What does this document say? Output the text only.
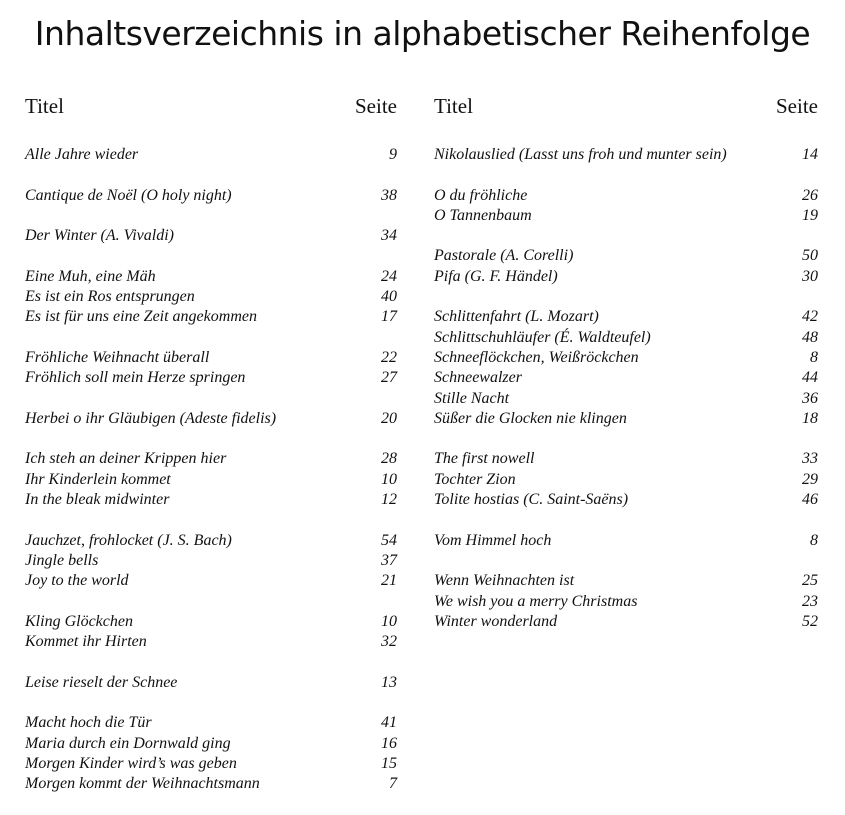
Inhaltsverzeichnis in alphabetischer Reihenfolge
Titel	Seite
Alle Jahre wieder	9
Cantique de Noël (O holy night)	38
Der Winter (A. Vivaldi)	34
Eine Muh, eine Mäh	24
Es ist ein Ros entsprungen	40
Es ist für uns eine Zeit angekommen	17
Fröhliche Weihnacht überall	22
Fröhlich soll mein Herze springen	27
Herbei o ihr Gläubigen (Adeste fidelis)	20
Ich steh an deiner Krippen hier	28
Ihr Kinderlein kommet	10
In the bleak midwinter	12
Jauchzet, frohlocket (J. S. Bach)	54
Jingle bells	37
Joy to the world	21
Kling Glöckchen	10
Kommet ihr Hirten	32
Leise rieselt der Schnee	13
Macht hoch die Tür	41
Maria durch ein Dornwald ging	16
Morgen Kinder wird’s was geben	15
Morgen kommt der Weihnachtsmann	7
Titel	Seite
Nikolauslied (Lasst uns froh und munter sein)	14
O du fröhliche	26
O Tannenbaum	19
Pastorale (A. Corelli)	50
Pifa (G. F. Händel)	30
Schlittenfahrt (L. Mozart)	42
Schlittschuhläufer (É. Waldteufel)	48
Schneeflöckchen, Weißröckchen	8
Schneewalzer	44
Stille Nacht	36
Süßer die Glocken nie klingen	18
The first nowell	33
Tochter Zion	29
Tolite hostias (C. Saint-Saëns)	46
Vom Himmel hoch	8
Wenn Weihnachten ist	25
We wish you a merry Christmas	23
Winter wonderland	52
